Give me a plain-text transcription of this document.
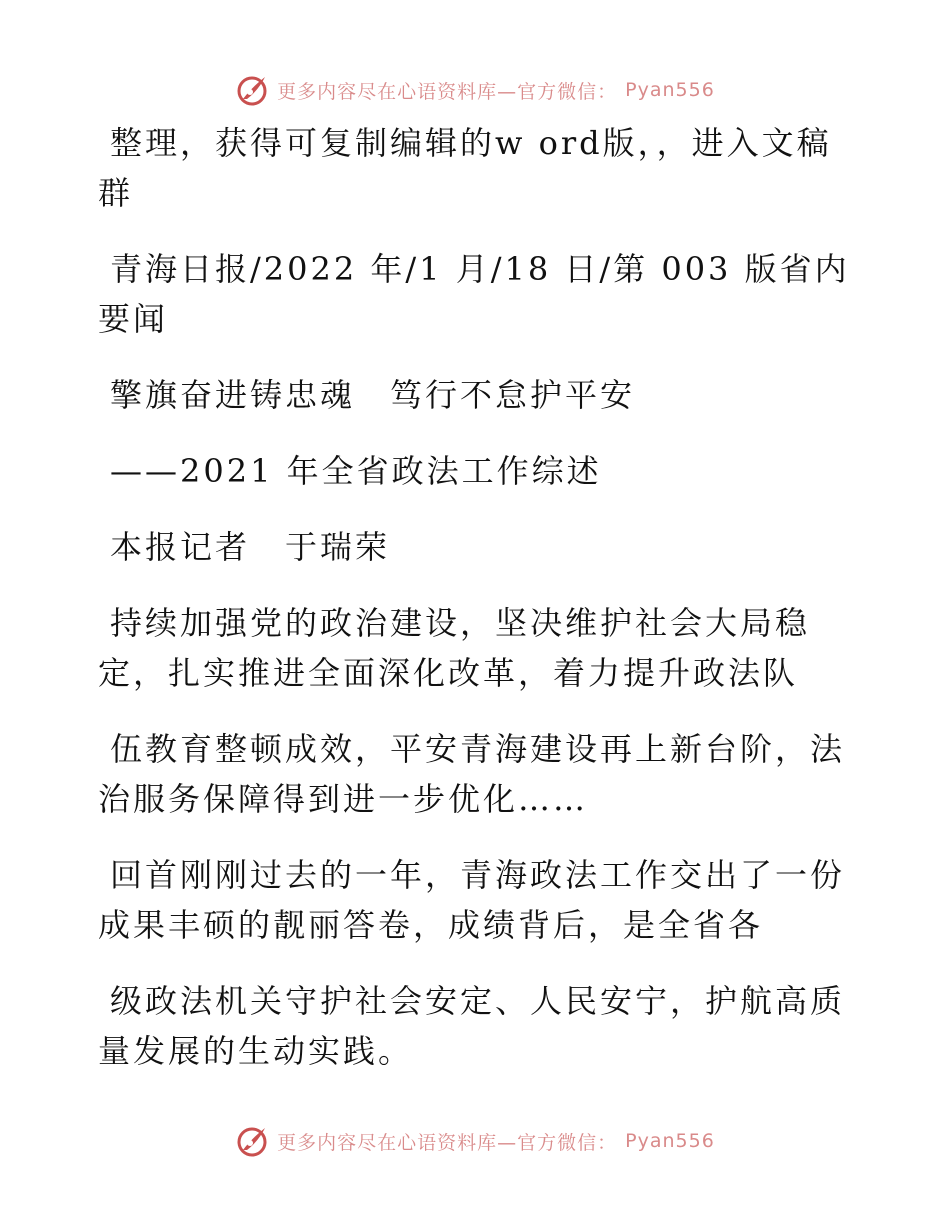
更多内容尽在心语资料库—官方微信： Pyan556

整理，获得可复制编辑的w ord版，，进入文稿群

青海日报/2022 年/1 月/18 日/第 003 版省内要闻

擎旗奋进铸忠魂　笃行不怠护平安

——2021 年全省政法工作综述

本报记者　于瑞荣

持续加强党的政治建设，坚决维护社会大局稳定，扎实推进全面深化改革，着力提升政法队

伍教育整顿成效，平安青海建设再上新台阶，法治服务保障得到进一步优化……

回首刚刚过去的一年，青海政法工作交出了一份成果丰硕的靓丽答卷，成绩背后，是全省各

级政法机关守护社会安定、人民安宁，护航高质量发展的生动实践。

更多内容尽在心语资料库—官方微信： Pyan556
